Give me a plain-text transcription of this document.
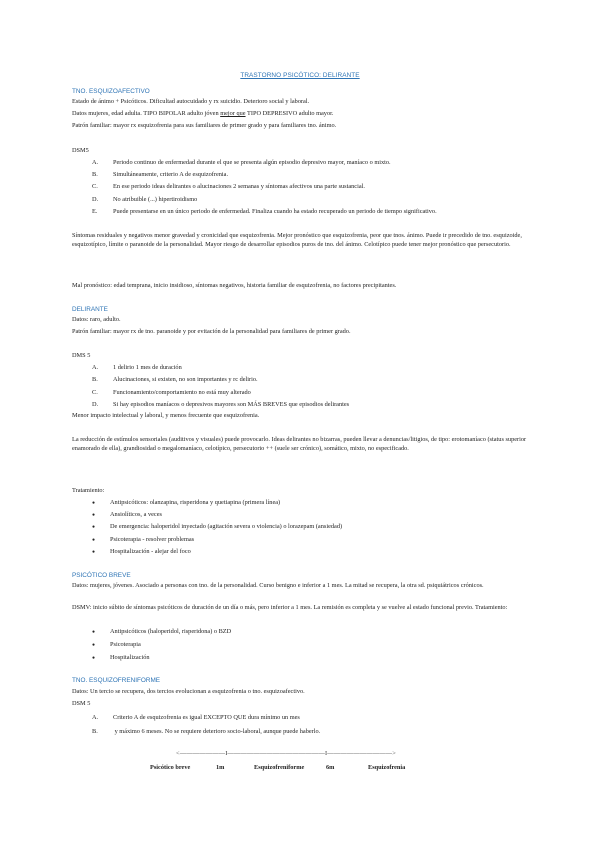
TRASTORNO PSICÓTICO: DELIRANTE
TNO. ESQUIZOAFECTIVO
Estado de ánimo + Psicóticos. Dificultad autocuidado y rx suicidio. Deterioro social y laboral.
Datos mujeres, edad adulta. TIPO BIPOLAR adulto jóven mejor que TIPO DEPRESIVO adulto mayor.
Patrón familiar: mayor rx esquizofrenia para sus familiares de primer grado y para familiares tno. ánimo.
DSM5
A. Periodo continuo de enfermedad durante el que se presenta algún episodio depresivo mayor, maníaco o mixto.
B. Simultáneamente, criterio A de esquizofrenia.
C. En ese periodo ideas delirantes o alucinaciones 2 semanas y síntomas afectivos una parte sustancial.
D. No atribuible (...) hipertiroidismo
E. Puede presentarse en un único periodo de enfermedad. Finaliza cuando ha estado recuperado un periodo de tiempo significativo.
Síntomas residuales y negativos menor gravedad y cronicidad que esquizofrenia. Mejor pronóstico que esquizofrenia, peor que tnos. ánimo. Puede ir precedido de tno. esquizoide, esquizotípico, límite o paranoide de la personalidad. Mayor riesgo de desarrollar episodios puros de tno. del ánimo. Celotípico puede tener mejor pronóstico que persecutorio.
Mal pronóstico: edad temprana, inicio insidioso, síntomas negativos, historia familiar de esquizofrenia, no factores precipitantes.
DELIRANTE
Datos: raro, adulto.
Patrón familiar: mayor rx de tno. paranoide y por evitación de la personalidad para familiares de primer grado.
DMS 5
A. 1 delirio 1 mes de duración
B. Alucinaciones, si existen, no son importantes y rc delirio.
C. Funcionamiento/comportamiento no está muy alterado
D. Si hay episodios maníacos o depresivos mayores son MÁS BREVES que episodios delirantes
Menor impacto intelectual y laboral, y menos frecuente que esquizofrenia.
La reducción de estímulos sensoriales (auditivos y visuales) puede provocarlo. Ideas delirantes no bizarras, pueden llevar a denuncias/litigios, de tipo: erotomaníaco (status superior enamorado de ella), grandiosidad o megalomaníaco, celotípico, persecutorio ++ (suele ser crónico), somático, mixto, no especificado.
Tratamiento:
● Antipsicóticos: olanzapina, risperidona y quetiapina (primera línea)
● Ansiolíticos, a veces
● De emergencia: haloperidol inyectado (agitación severa o violencia) o lorazepam (ansiedad)
● Psicoterapia - resolver problemas
● Hospitalización - alejar del foco
PSICÓTICO BREVE
Datos: mujeres, jóvenes. Asociado a personas con tno. de la personalidad. Curso benigno e inferior a 1 mes. La mitad se recupera, la otra sd. psiquiátricos crónicos.
DSMV: inicio súbito de síntomas psicóticos de duración de un día o más, pero inferior a 1 mes. La remisión es completa y se vuelve al estado funcional previo. Tratamiento:
● Antipsicóticos (haloperidol, risperidona) o BZD
● Psicoterapia
● Hospitalización
TNO. ESQUIZOFRENIFORME
Datos: Un tercio se recupera, dos tercios evolucionan a esquizofrenia o tno. esquizoafectivo.
DSM 5
A. Criterio A de esquizofrenia es igual EXCEPTO QUE dura mínimo un mes
B. y máximo 6 meses. No se requiere deterioro socio-laboral, aunque puede haberlo.
<———————I———————————————I——————————>
Psicótico breve	1m	Esquizofreniforme	6m	Esquizofrenia
